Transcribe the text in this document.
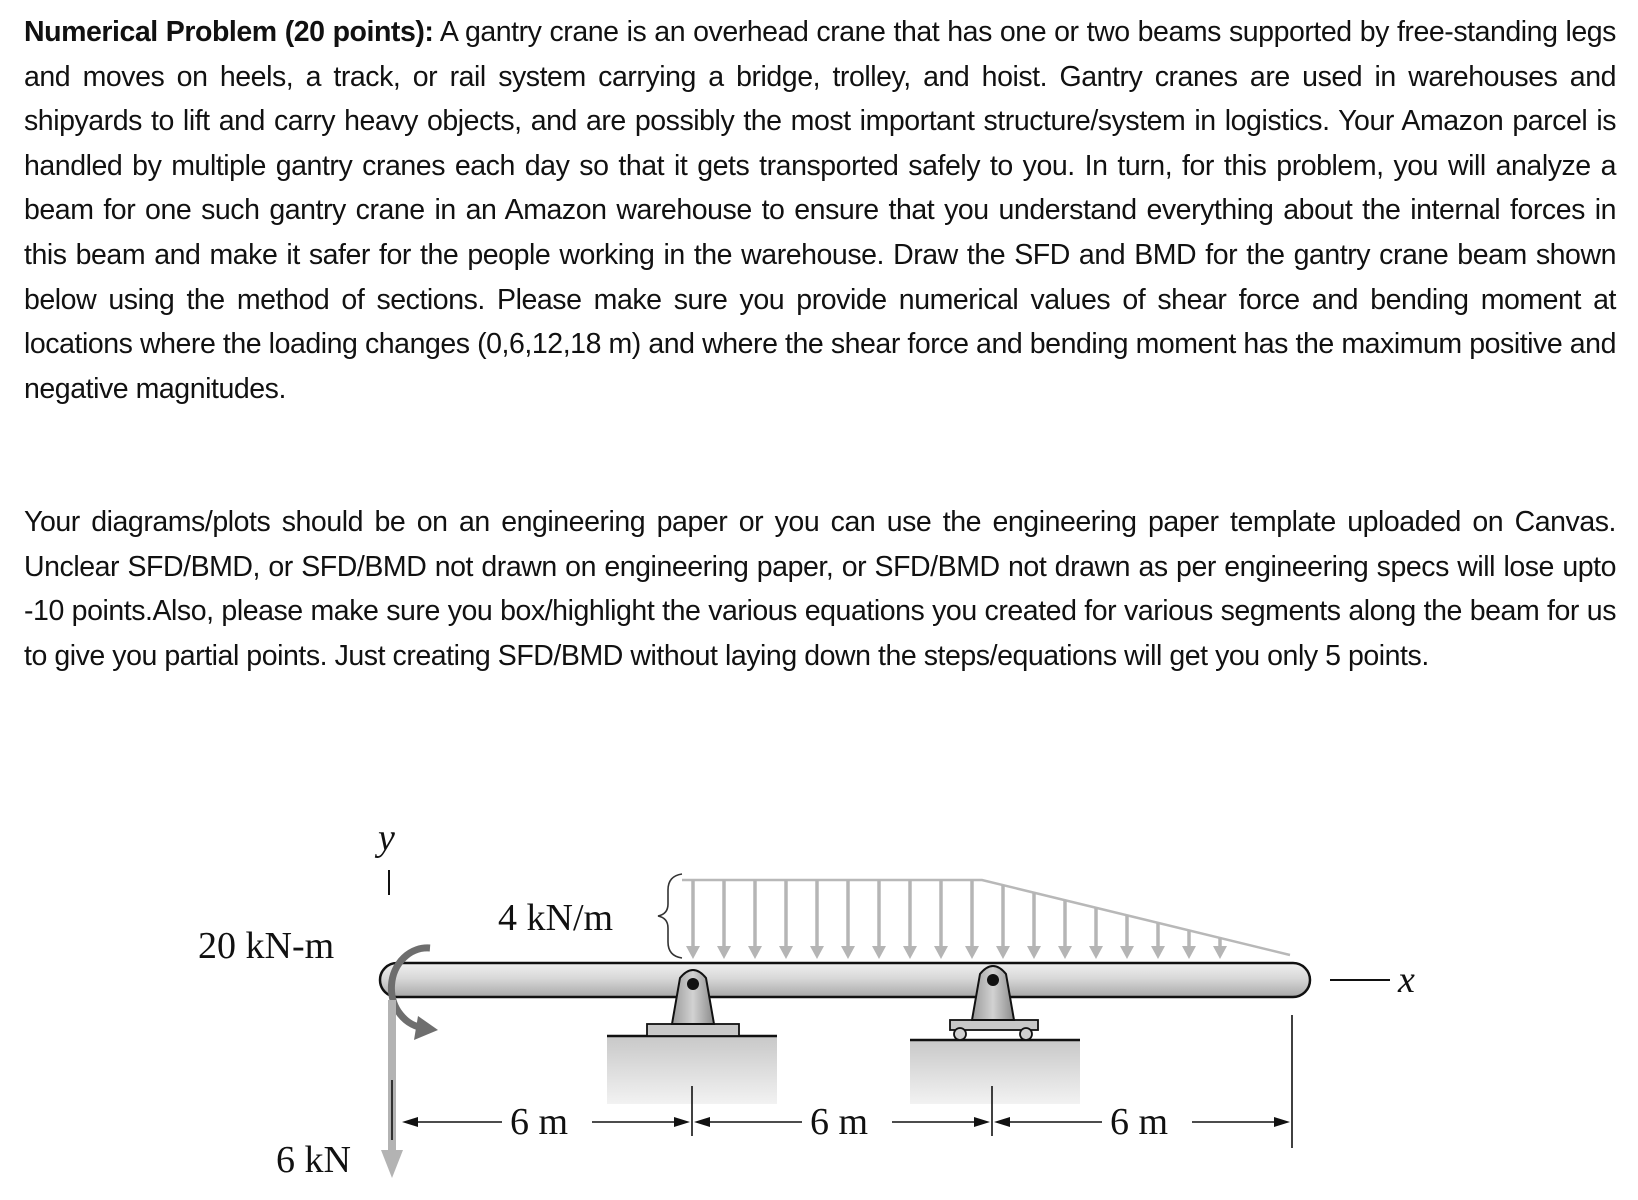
Numerical Problem (20 points): A gantry crane is an overhead crane that has one or two beams supported by free-standing legs and moves on heels, a track, or rail system carrying a bridge, trolley, and hoist. Gantry cranes are used in warehouses and shipyards to lift and carry heavy objects, and are possibly the most important structure/system in logistics. Your Amazon parcel is handled by multiple gantry cranes each day so that it gets transported safely to you. In turn, for this problem, you will analyze a beam for one such gantry crane in an Amazon warehouse to ensure that you understand everything about the internal forces in this beam and make it safer for the people working in the warehouse. Draw the SFD and BMD for the gantry crane beam shown below using the method of sections. Please make sure you provide numerical values of shear force and bending moment at locations where the loading changes (0,6,12,18 m) and where the shear force and bending moment has the maximum positive and negative magnitudes.
Your diagrams/plots should be on an engineering paper or you can use the engineering paper template uploaded on Canvas. Unclear SFD/BMD, or SFD/BMD not drawn on engineering paper, or SFD/BMD not drawn as per engineering specs will lose upto -10 points.Also, please make sure you box/highlight the various equations you created for various segments along the beam for us to give you partial points. Just creating SFD/BMD without laying down the steps/equations will get you only 5 points.
x
y
20 kN-m
6 kN
4 kN/m
6 m	6 m	6 m
